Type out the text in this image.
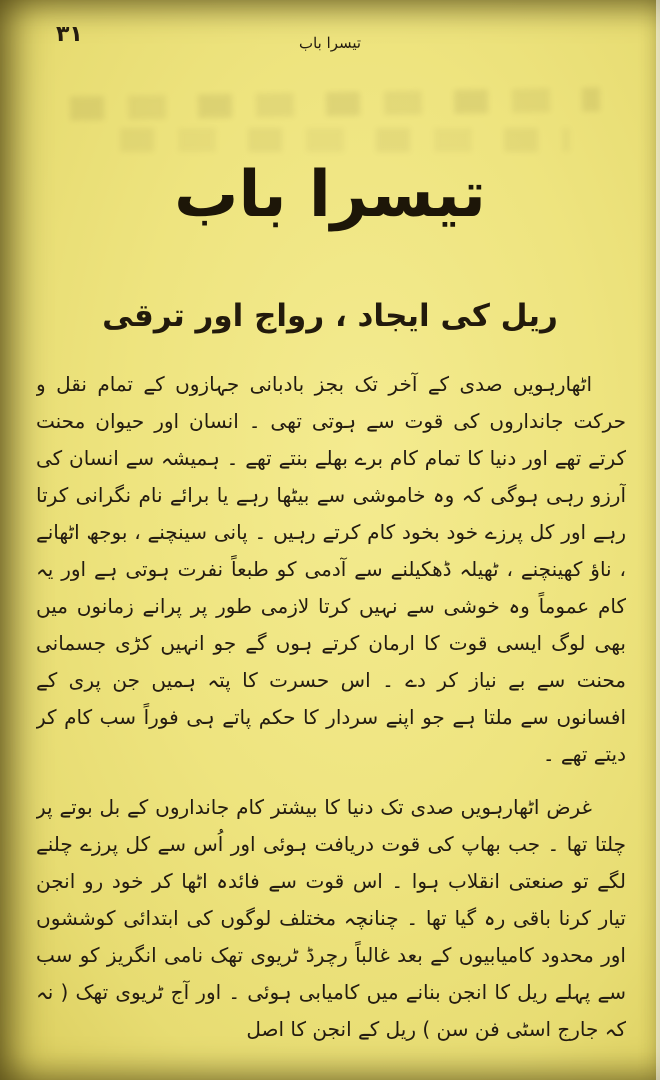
۳۱	تیسرا باب
تیسرا باب
ریل کی ایجاد ، رواج اور ترقی

اٹھارہویں صدی کے آخر تک بجز بادبانی جہازوں کے تمام نقل و حرکت جانداروں کی قوت سے ہوتی تھی ۔ انسان اور حیوان محنت کرتے تھے اور دنیا کا تمام کام برے بھلے بنتے تھے ۔ ہمیشہ سے انسان کی آرزو رہی ہوگی کہ وہ خاموشی سے بیٹھا رہے یا برائے نام نگرانی کرتا رہے اور کل پرزے خود بخود کام کرتے رہیں ۔ پانی سینچنے ، بوجھ اٹھانے ، ناؤ کھینچنے ، ٹھیلہ ڈھکیلنے سے آدمی کو طبعاً نفرت ہوتی ہے اور یہ کام عموماً وہ خوشی سے نہیں کرتا لازمی طور پر پرانے زمانوں میں بھی لوگ ایسی قوت کا ارمان کرتے ہوں گے جو انہیں کڑی جسمانی محنت سے بے نیاز کر دے ۔ اس حسرت کا پتہ ہمیں جن پری کے افسانوں سے ملتا ہے جو اپنے سردار کا حکم پاتے ہی فوراً سب کام کر دیتے تھے ۔

غرض اٹھارہویں صدی تک دنیا کا بیشتر کام جانداروں کے بل بوتے پر چلتا تھا ۔ جب بھاپ کی قوت دریافت ہوئی اور اُس سے کل پرزے چلنے لگے تو صنعتی انقلاب ہوا ۔ اس قوت سے فائدہ اٹھا کر خود رو انجن تیار کرنا باقی رہ گیا تھا ۔ چنانچہ مختلف لوگوں کی ابتدائی کوششوں اور محدود کامیابیوں کے بعد غالباً رچرڈ ٹریوی تھک نامی انگریز کو سب سے پہلے ریل کا انجن بنانے میں کامیابی ہوئی ۔ اور آج ٹریوی تھک ( نہ کہ جارج اسٹی فن سن ) ریل کے انجن کا اصل
